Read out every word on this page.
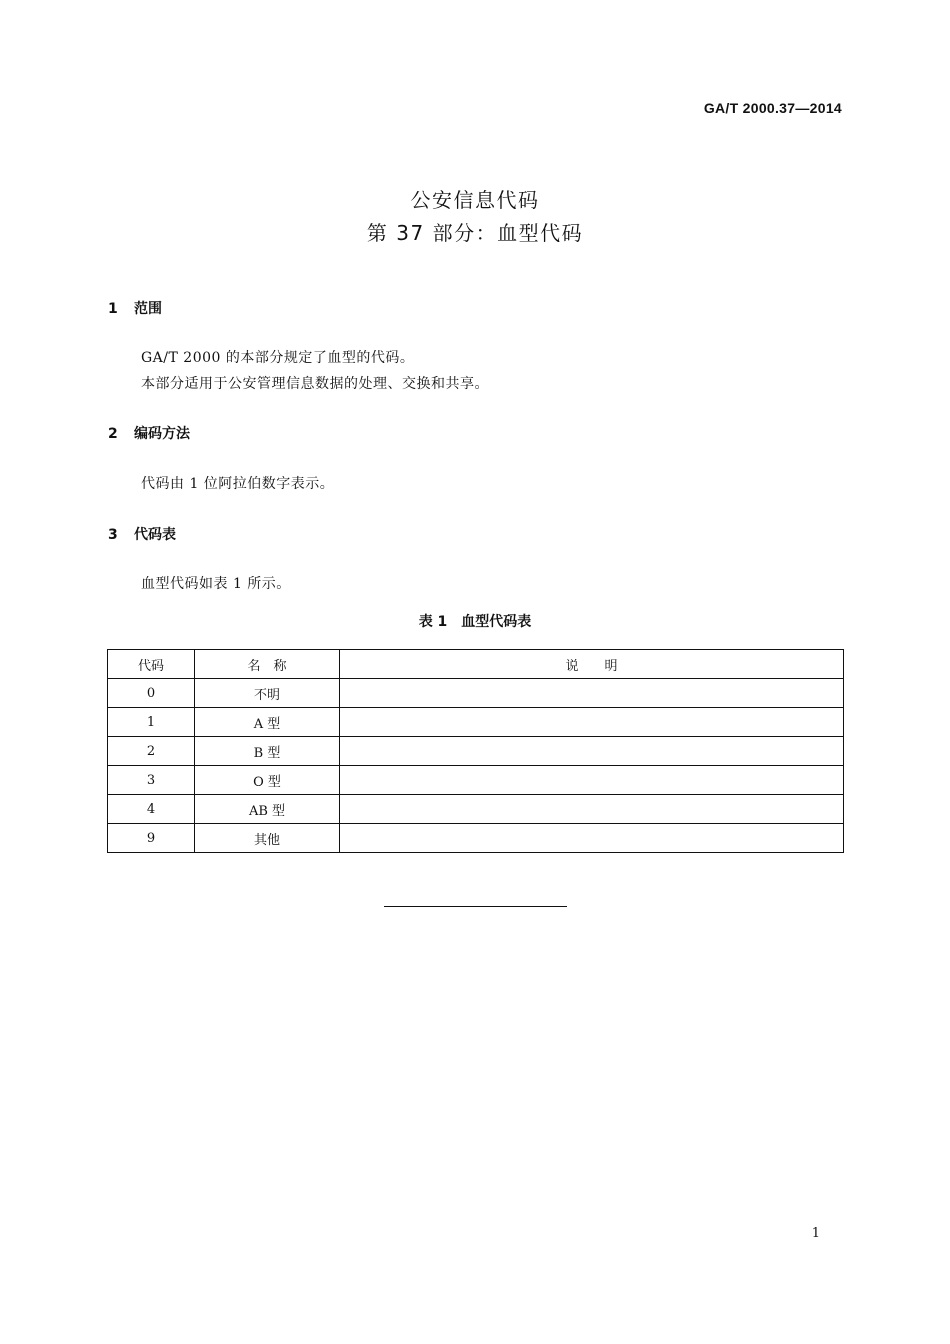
GA/T 2000.37—2014
公安信息代码
第 37 部分：血型代码
1 范围
GA/T 2000 的本部分规定了血型的代码。
本部分适用于公安管理信息数据的处理、交换和共享。
2 编码方法
代码由 1 位阿拉伯数字表示。
3 代码表
血型代码如表 1 所示。
表 1　血型代码表
代码	名　称	说　　明
0	不明	
1	A 型	
2	B 型	
3	O 型	
4	AB 型	
9	其他	
1
